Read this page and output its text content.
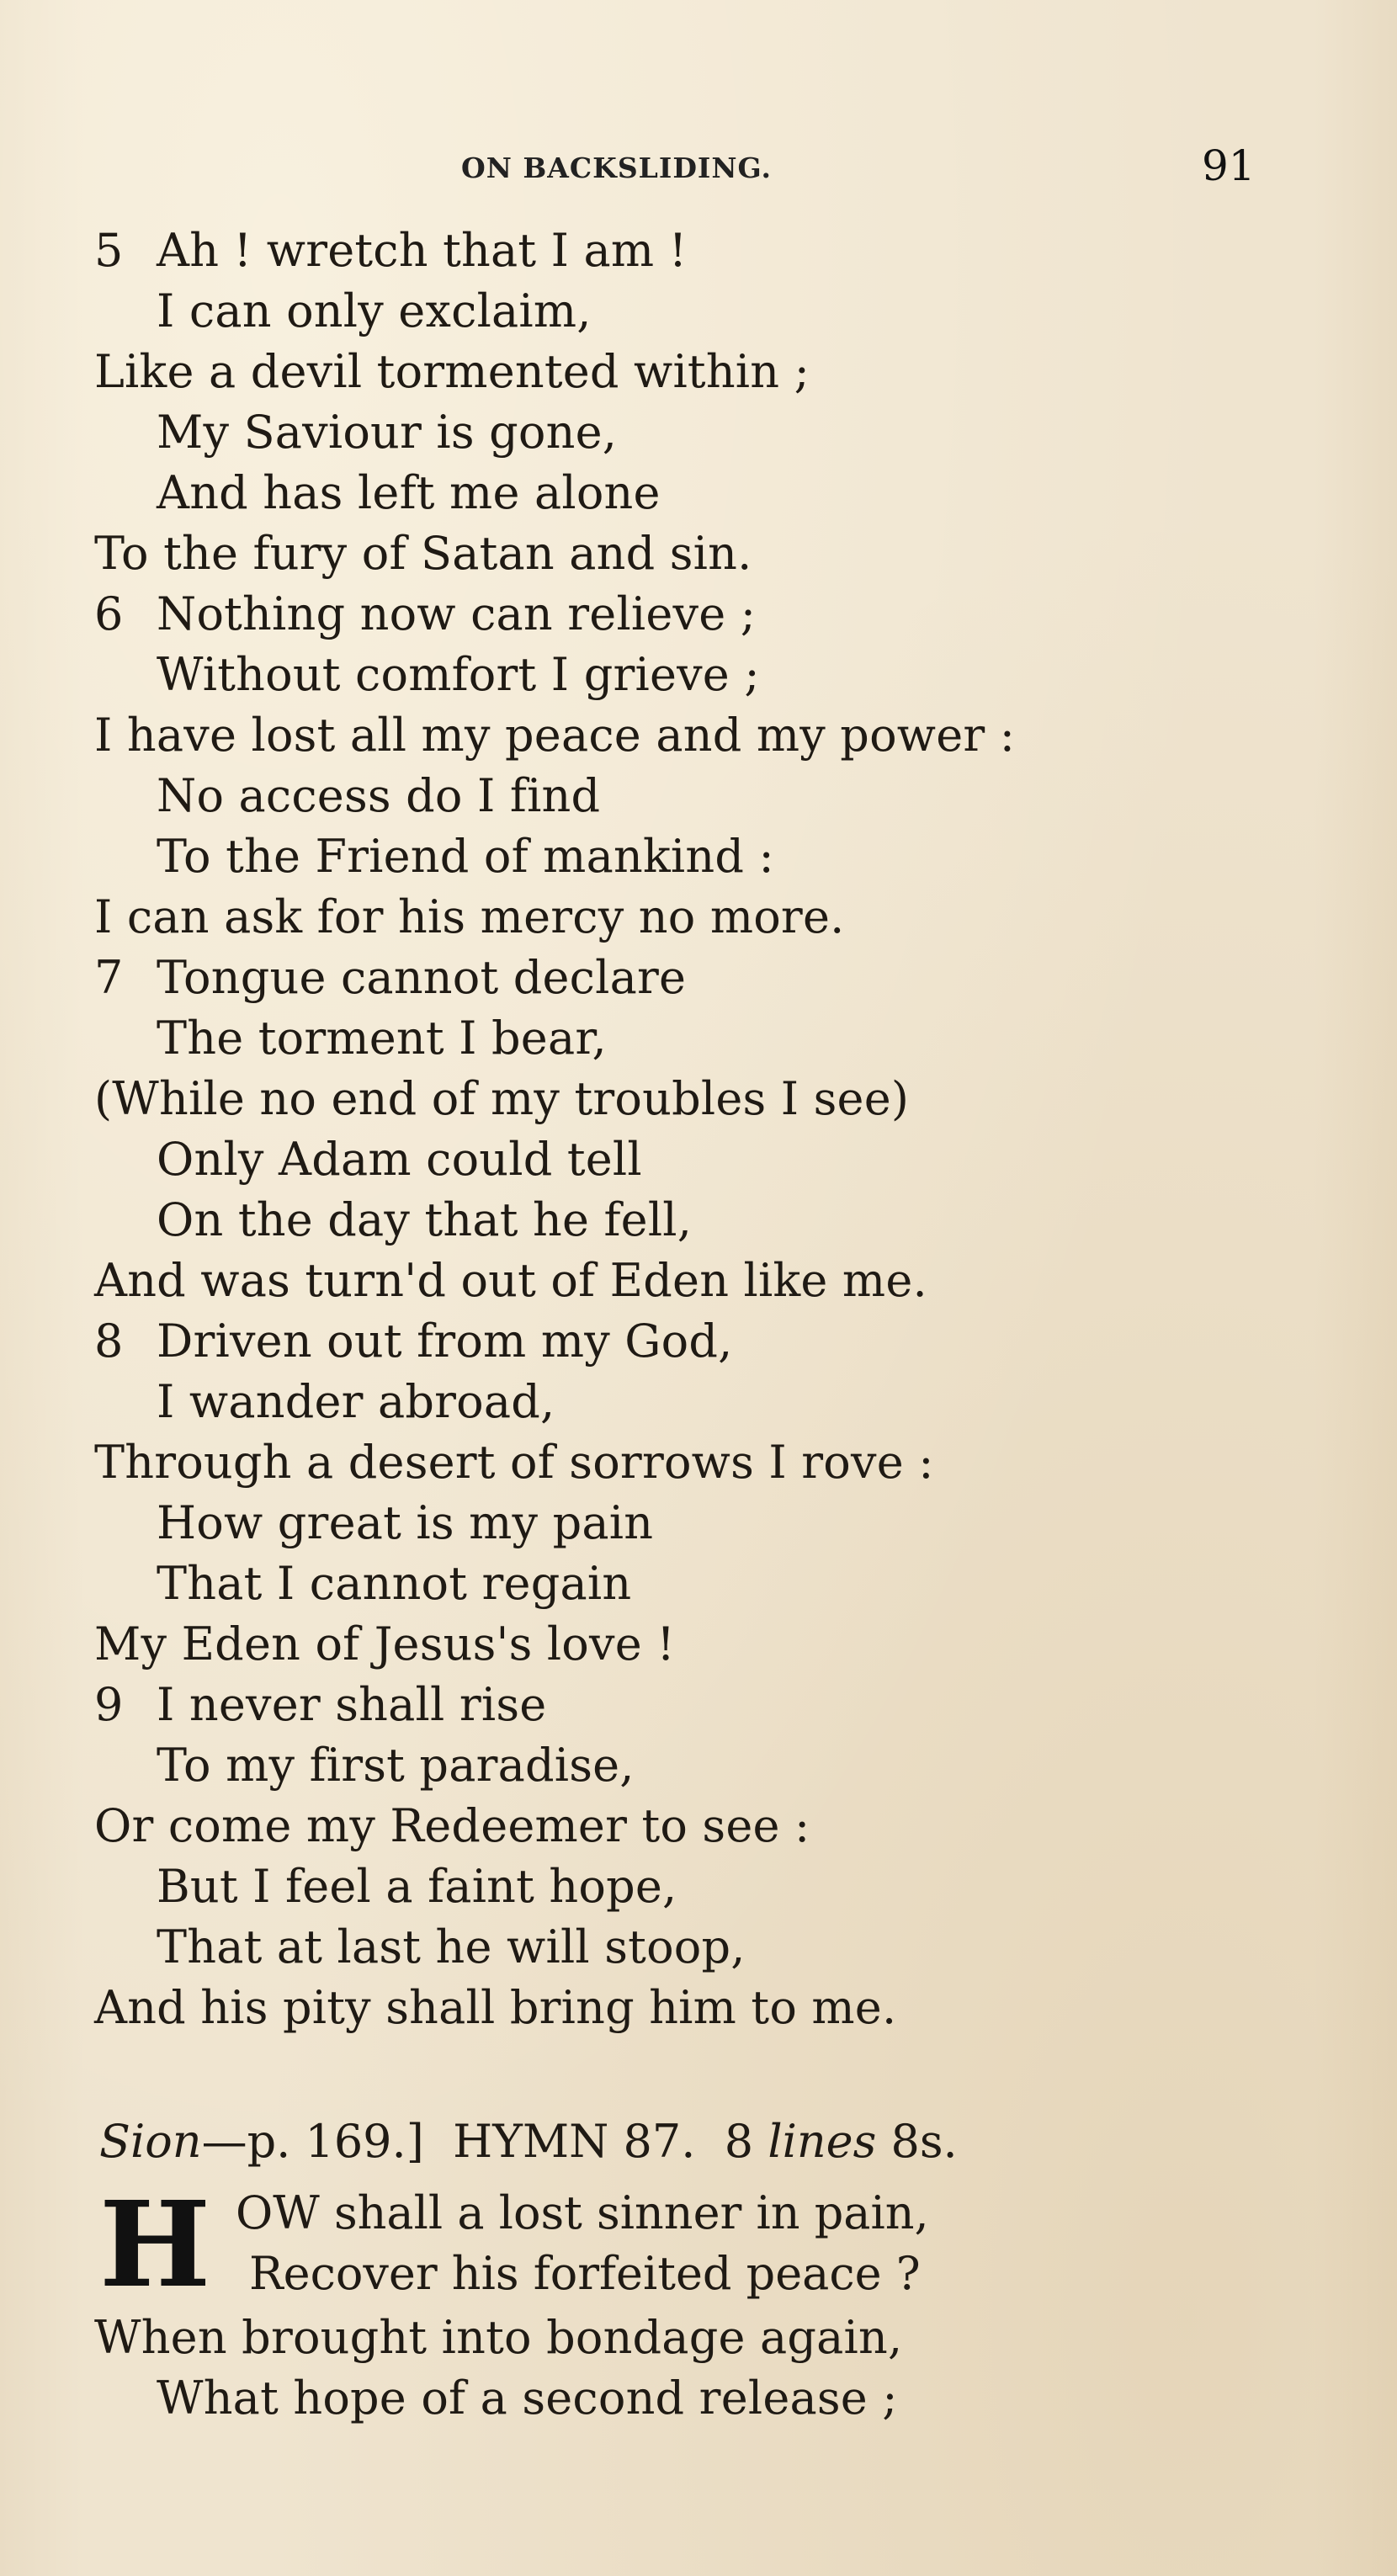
ON BACKSLIDING.	91
5 Ah ! wretch that I am !
I can only exclaim,
Like a devil tormented within ;
My Saviour is gone,
And has left me alone
To the fury of Satan and sin.
6 Nothing now can relieve ;
Without comfort I grieve ;
I have lost all my peace and my power :
No access do I find
To the Friend of mankind :
I can ask for his mercy no more.
7 Tongue cannot declare
The torment I bear,
(While no end of my troubles I see)
Only Adam could tell
On the day that he fell,
And was turn'd out of Eden like me.
8 Driven out from my God,
I wander abroad,
Through a desert of sorrows I rove :
How great is my pain
That I cannot regain
My Eden of Jesus's love !
9 I never shall rise
To my first paradise,
Or come my Redeemer to see :
But I feel a faint hope,
That at last he will stoop,
And his pity shall bring him to me.
Sion—p. 169.] HYMN 87. 8 lines 8s.
H OW shall a lost sinner in pain,
Recover his forfeited peace ?
When brought into bondage again,
What hope of a second release ;
